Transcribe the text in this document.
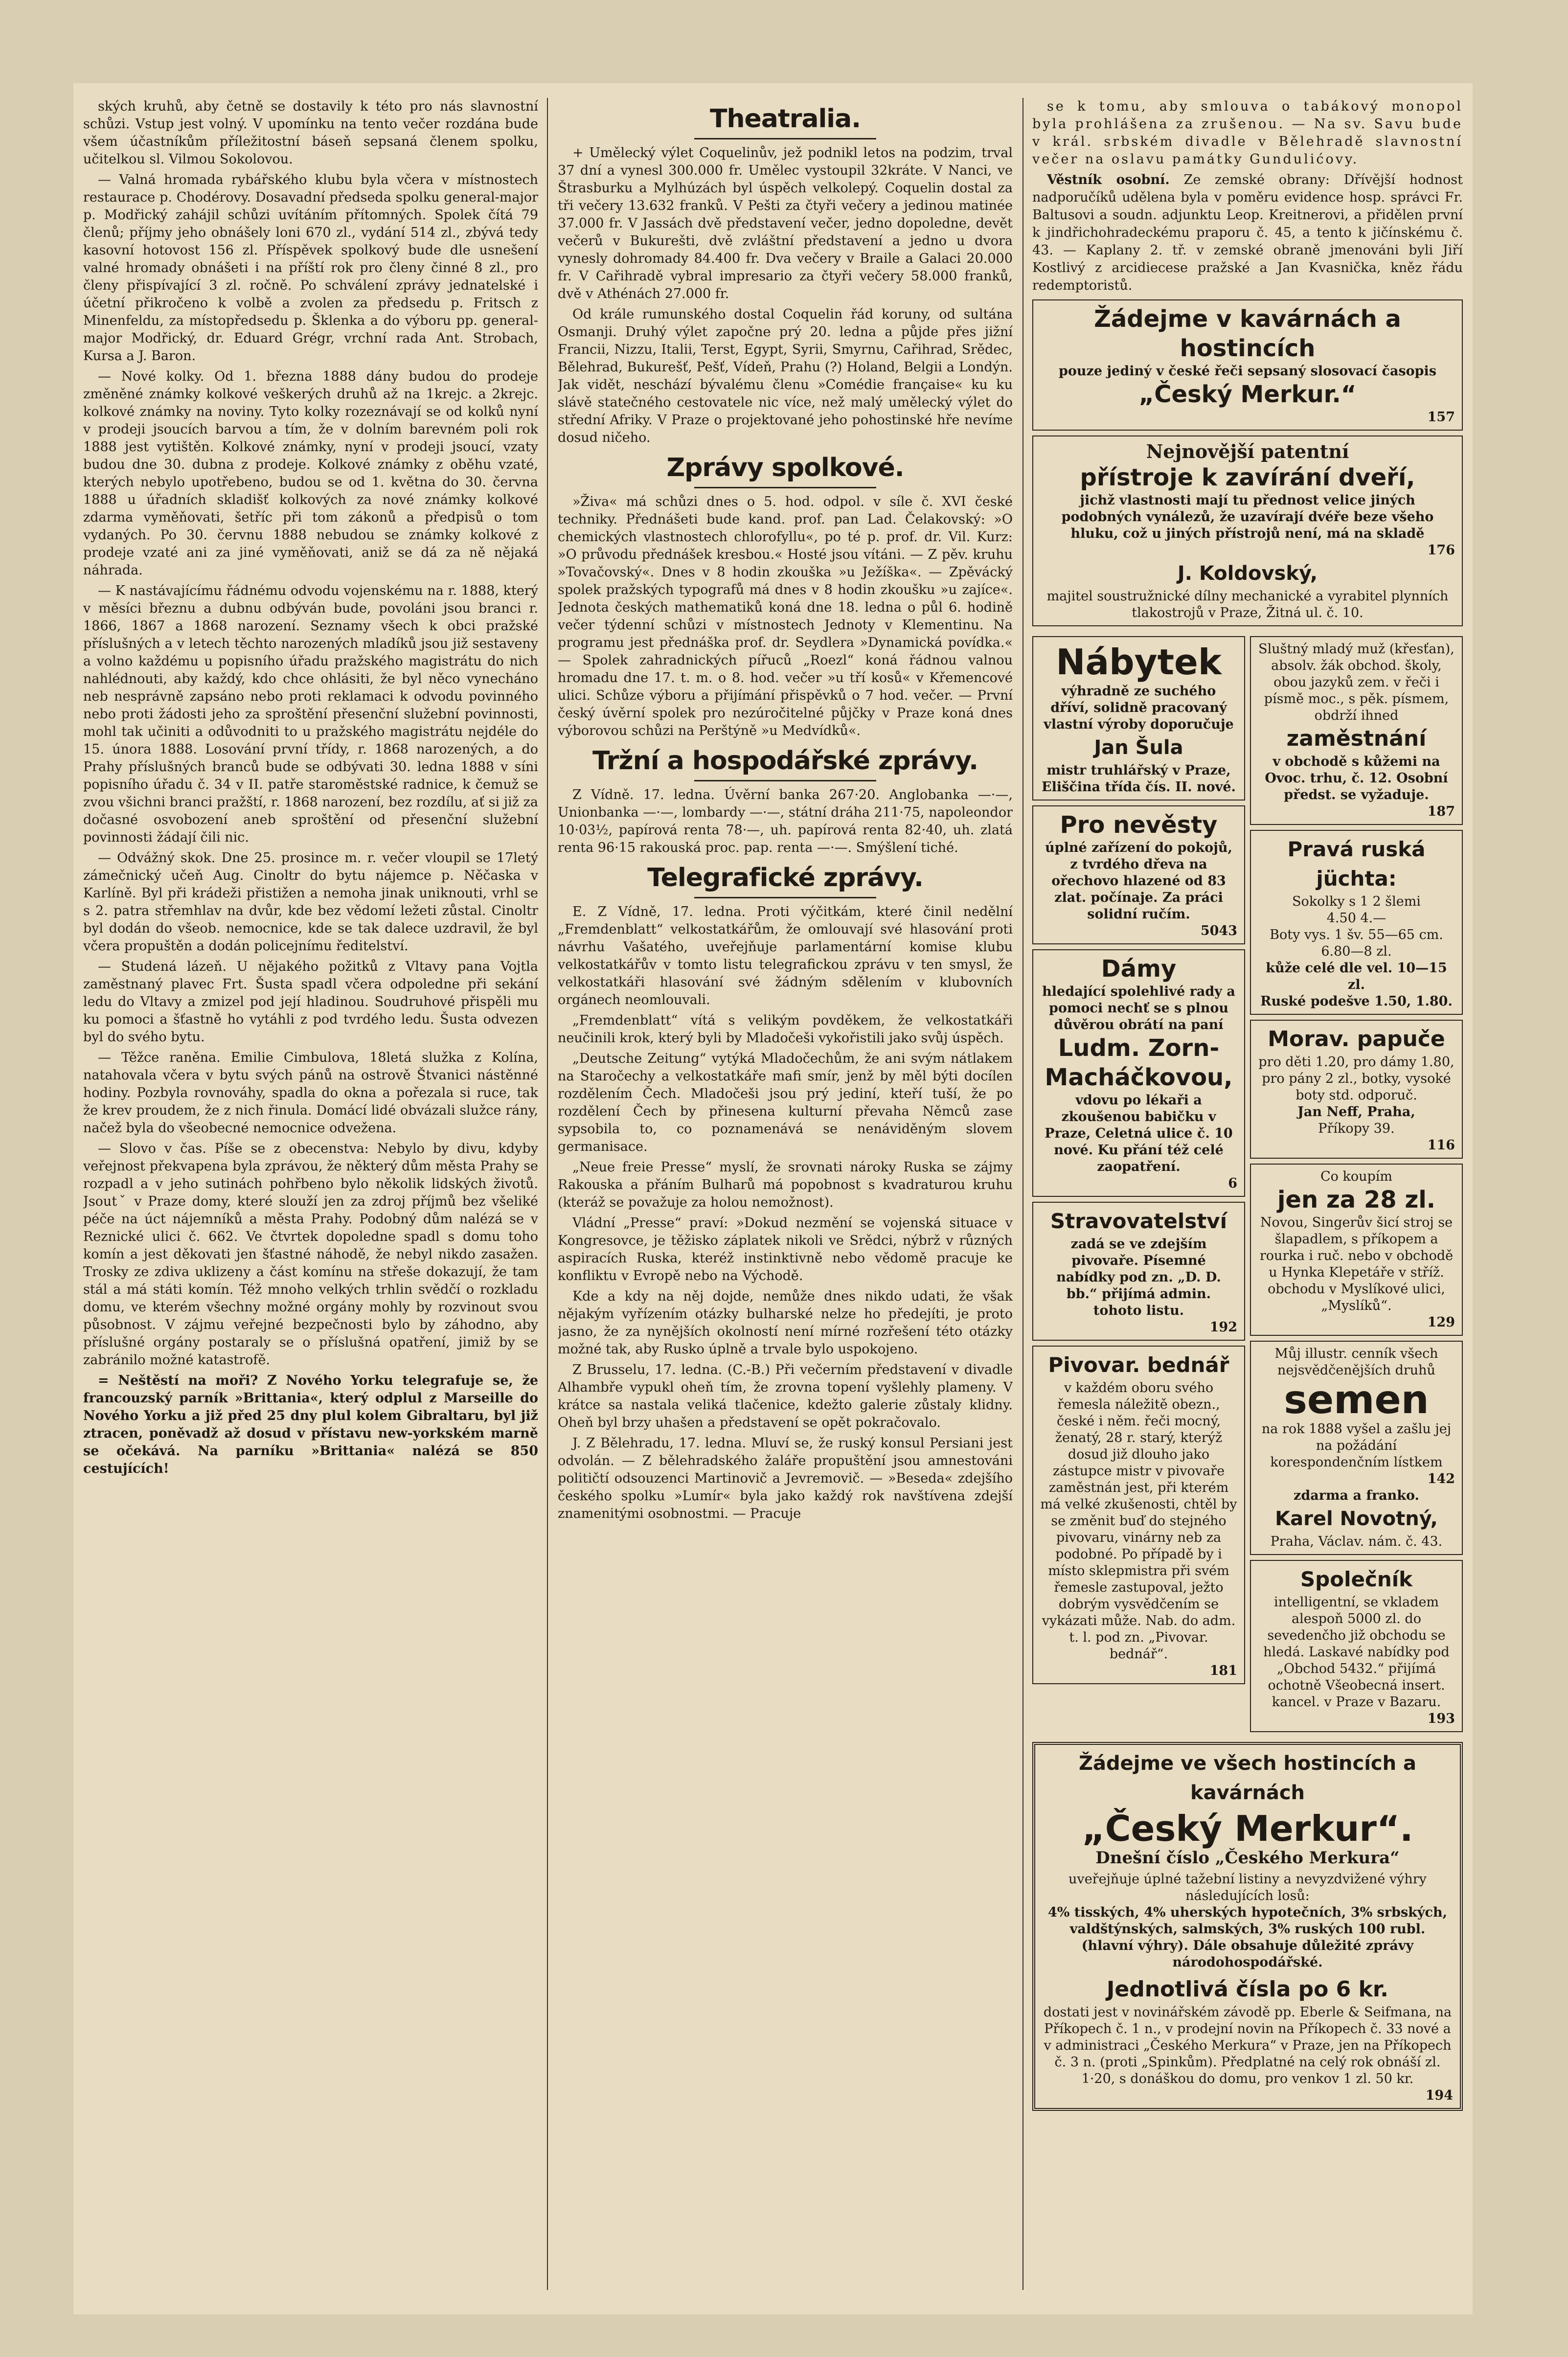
ských kruhů, aby četně se dostavily k této pro nás slavnostní schůzi. Vstup jest volný. V upomínku na tento večer rozdána bude všem účastníkům příležitostní báseň sepsaná členem spolku, učitelkou sl. Vilmou Sokolovou.

— Valná hromada rybářského klubu byla včera v místnostech restaurace p. Chodérovy. Dosavadní předseda spolku general-major p. Modřický zahájil schůzi uvítáním přítomných. Spolek čítá 79 členů; příjmy jeho obnášely loni 670 zl., vydání 514 zl., zbývá tedy kasovní hotovost 156 zl. Příspěvek spolkový bude dle usnešení valné hromady obnášeti i na příští rok pro členy činné 8 zl., pro členy přispívající 3 zl. ročně. Po schválení zprávy jednatelské i účetní přikročeno k volbě a zvolen za předsedu p. Fritsch z Minenfeldu, za místopředsedu p. Šklenka a do výboru pp. general-major Modřický, dr. Eduard Grégr, vrchní rada Ant. Strobach, Kursa a J. Baron.

— Nové kolky. Od 1. března 1888 dány budou do prodeje změněné známky kolkové veškerých druhů až na 1krejc. a 2krejc. kolkové známky na noviny. Tyto kolky rozeznávají se od kolků nyní v prodeji jsoucích barvou a tím, že v dolním barevném poli rok 1888 jest vytištěn. Kolkové známky, nyní v prodeji jsoucí, vzaty budou dne 30. dubna z prodeje. Kolkové známky z oběhu vzaté, kterých nebylo upotřebeno, budou se od 1. května do 30. června 1888 u úřadních skladišť kolkových za nové známky kolkové zdarma vyměňovati, šetříc při tom zákonů a předpisů o tom vydaných. Po 30. červnu 1888 nebudou se známky kolkové z prodeje vzaté ani za jiné vyměňovati, aniž se dá za ně nějaká náhrada.

— K nastávajícímu řádnému odvodu vojenskému na r. 1888, který v měsíci březnu a dubnu odbýván bude, povoláni jsou branci r. 1866, 1867 a 1868 narození. Seznamy všech k obci pražské příslušných a v letech těchto narozených mladíků jsou již sestaveny a volno každému u popisního úřadu pražského magistrátu do nich nahlédnouti, aby každý, kdo chce ohlásiti, že byl něco vynecháno neb nesprávně zapsáno nebo proti reklamaci k odvodu povinného nebo proti žádosti jeho za sproštění přesenční služební povinnosti, mohl tak učiniti a odůvodniti to u pražského magistrátu nejdéle do 15. února 1888. Losování první třídy, r. 1868 narozených, a do Prahy příslušných branců bude se odbývati 30. ledna 1888 v síni popisního úřadu č. 34 v II. patře staroměstské radnice, k čemuž se zvou všichni branci pražští, r. 1868 narození, bez rozdílu, ať si již za dočasné osvobození aneb sproštění od přesenční služební povinnosti žádají čili nic.

— Odvážný skok. Dne 25. prosince m. r. večer vloupil se 17letý zámečnický učeň Aug. Cinoltr do bytu nájemce p. Něčaska v Karlíně. Byl při krádeži přistižen a nemoha jinak uniknouti, vrhl se s 2. patra střemhlav na dvůr, kde bez vědomí ležeti zůstal. Cinoltr byl dodán do všeob. nemocnice, kde se tak dalece uzdravil, že byl včera propuštěn a dodán policejnímu ředitelství.

— Studená lázeň. U nějakého požitků z Vltavy pana Vojtla zaměstnaný plavec Frt. Šusta spadl včera odpoledne při sekání ledu do Vltavy a zmizel pod její hladinou. Soudruhové přispěli mu ku pomoci a šťastně ho vytáhli z pod tvrdého ledu. Šusta odvezen byl do svého bytu.

— Těžce raněna. Emilie Cimbulova, 18letá služka z Kolína, natahovala včera v bytu svých pánů na ostrově Štvanici nástěnné hodiny. Pozbyla rovnováhy, spadla do okna a pořezala si ruce, tak že krev proudem, že z nich řinula. Domácí lidé obvázali služce rány, načež byla do všeobecné nemocnice odvežena.

— Slovo v čas. Píše se z obecenstva: Nebylo by divu, kdyby veřejnost překvapena byla zprávou, že některý dům města Prahy se rozpadl a v jeho sutinách pohřbeno bylo několik lidských životů. Jsoutˇ v Praze domy, které slouží jen za zdroj příjmů bez všeliké péče na úct nájemníků a města Prahy. Podobný dům nalézá se v Reznické ulici č. 662. Ve čtvrtek dopoledne spadl s domu toho komín a jest děkovati jen šťastné náhodě, že nebyl nikdo zasažen. Trosky ze zdiva uklizeny a část komínu na střeše dokazují, že tam stál a má státi komín. Též mnoho velkých trhlin svědčí o rozkladu domu, ve kterém všechny možné orgány mohly by rozvinout svou působnost. V zájmu veřejné bezpečnosti bylo by záhodno, aby příslušné orgány postaraly se o příslušná opatření, jimiž by se zabránilo možné katastrofě.

= Neštěstí na moři? Z Nového Yorku telegrafuje se, že francouzský parník »Brittania«, který odplul z Marseille do Nového Yorku a již před 25 dny plul kolem Gibraltaru, byl již ztracen, poněvadž až dosud v přístavu new-yorkském marně se očekává. Na parníku »Brittania« nalézá se 850 cestujících!

Theatralia.

+ Umělecký výlet Coquelinův, jež podnikl letos na podzim, trval 37 dní a vynesl 300.000 fr. Umělec vystoupil 32kráte. V Nanci, ve Štrasburku a Mylhúzách byl úspěch velkolepý. Coquelin dostal za tři večery 13.632 franků. V Pešti za čtyři večery a jedinou matinée 37.000 fr. V Jassách dvě představení večer, jedno dopoledne, devět večerů v Bukurešti, dvě zvláštní představení a jedno u dvora vynesly dohromady 84.400 fr. Dva večery v Braile a Galaci 20.000 fr. V Cařihradě vybral impresario za čtyři večery 58.000 franků, dvě v Athénách 27.000 fr.

Od krále rumunského dostal Coquelin řád koruny, od sultána Osmanji. Druhý výlet započne prý 20. ledna a půjde přes jižní Francii, Nizzu, Italii, Terst, Egypt, Syrii, Smyrnu, Cařihrad, Srědec, Bělehrad, Bukurešť, Pešť, Vídeň, Prahu (?) Holand, Belgii a Londýn. Jak vidět, neschází bývalému členu »Comédie française« ku ku slávě statečného cestovatele nic více, než malý umělecký výlet do střední Afriky. V Praze o projektované jeho pohostinské hře nevíme dosud ničeho.

Zprávy spolkové.

»Živa« má schůzi dnes o 5. hod. odpol. v síle č. XVI české techniky. Přednášeti bude kand. prof. pan Lad. Čelakovský: »O chemických vlastnostech chlorofyllu«, po té p. prof. dr. Vil. Kurz: »O průvodu přednášek kresbou.« Hosté jsou vítáni. — Z pěv. kruhu »Tovačovský«. Dnes v 8 hodin zkouška »u Ježíška«. — Zpěvácký spolek pražských typografů má dnes v 8 hodin zkoušku »u zajíce«. Jednota českých mathematiků koná dne 18. ledna o půl 6. hodině večer týdenní schůzi v místnostech Jednoty v Klementinu. Na programu jest přednáška prof. dr. Seydlera »Dynamická povídka.« — Spolek zahradnických pířuců „Roezl“ koná řádnou valnou hromadu dne 17. t. m. o 8. hod. večer »u tří kosů« v Křemencové ulici. Schůze výboru a přijímání přispěvků o 7 hod. večer. — První český úvěrní spolek pro nezúročitelné půjčky v Praze koná dnes výborovou schůzi na Perštýně »u Medvídků«.

Tržní a hospodářské zprávy.

Z Vídně. 17. ledna. Úvěrní banka 267·20. Anglobanka —·—, Unionbanka —·—, lombardy —·—, státní dráha 211·75, napoleondor 10·03½, papírová renta 78·—, uh. papírová renta 82·40, uh. zlatá renta 96·15 rakouská proc. pap. renta —·—. Smýšlení tiché.

Telegrafické zprávy.

E. Z Vídně, 17. ledna. Proti výčitkám, které činil nedělní „Fremdenblatt“ velkostatkářům, že omlouvají své hlasování proti návrhu Vašatého, uveřejňuje parlamentární komise klubu velkostatkářův v tomto listu telegrafickou zprávu v ten smysl, že velkostatkáři hlasování své žádným sdělením v klubovních orgánech neomlouvali.

„Fremdenblatt“ vítá s velikým povděkem, že velkostatkáři neučinili krok, který byli by Mladočeši vykořistili jako svůj úspěch.

„Deutsche Zeitung“ vytýká Mladočechům, že ani svým nátlakem na Staročechy a velkostatkáře mafi smír, jenž by měl býti docílen rozdělením Čech. Mladočeši jsou prý jediní, kteří tuší, že po rozdělení Čech by přinesena kulturní převaha Němců zase sypsobila to, co poznamenává se nenáviděným slovem germanisace.

„Neue freie Presse“ myslí, že srovnati nároky Ruska se zájmy Rakouska a přáním Bulharů má popobnost s kvadraturou kruhu (kteráž se považuje za holou nemožnost).

Vládní „Presse“ praví: »Dokud nezmění se vojenská situace v Kongresovce, je těžisko záplatek nikoli ve Srědci, nýbrž v různých aspiracích Ruska, kteréž instinktivně nebo vědomě pracuje ke konfliktu v Evropě nebo na Východě.

Kde a kdy na něj dojde, nemůže dnes nikdo udati, že však nějakým vyřízením otázky bulharské nelze ho předejíti, je proto jasno, že za nynějších okolností není mírné rozřešení této otázky možné tak, aby Rusko úplně a trvale bylo uspokojeno.

Z Brusselu, 17. ledna. (C.-B.) Při večerním představení v divadle Alhambře vypukl oheň tím, že zrovna topení vyšlehly plameny. V krátce sa nastala veliká tlačenice, kdežto galerie zůstaly klidny. Oheň byl brzy uhašen a představení se opět pokračovalo.

J. Z Bělehradu, 17. ledna. Mluví se, že ruský konsul Persiani jest odvolán. — Z bělehradského žaláře propuštění jsou amnestováni političtí odsouzenci Martinovič a Jevremovič. — »Beseda« zdejšího českého spolku »Lumír« byla jako každý rok navštívena zdejší znamenitými osobnostmi. — Pracuje

se k tomu, aby smlouva o tabákový monopol byla prohlášena za zrušenou. — Na sv. Savu bude v král. srbském divadle v Bělehradě slavnostní večer na oslavu památky Gundulićovy.

Věstník osobní. Ze zemské obrany: Dřívější hodnost nadporučíků udělena byla v poměru evidence hosp. správci Fr. Baltusovi a soudn. adjunktu Leop. Kreitnerovi, a přidělen první k jindřichohradeckému praporu č. 45, a tento k jičínskému č. 43. — Kaplany 2. tř. v zemské obraně jmenováni byli Jiří Kostlivý z arcidiecese pražské a Jan Kvasnička, kněz řádu redemptoristů.

Žádejme v kavárnách a hostincích
pouze jediný v české řeči sepsaný slosovací časopis
„Český Merkur.“
157
Nejnovější patentní
přístroje k zavírání dveří,
jichž vlastnosti mají tu přednost velice jiných podobných vynálezů, že uzavírají dvéře beze všeho hluku, což u jiných přístrojů není, má na skladě
176
J. Koldovský,
majitel soustružnické dílny mechanické a vyrabitel plynních tlakostrojů v Praze, Žitná ul. č. 10.
Nábytek
výhradně ze suchého dříví, solidně pracovaný vlastní výroby doporučuje
Jan Šula
mistr truhlářský v Praze, Eliščina třída čís. II. nové.
Pro nevěsty
úplné zařízení do pokojů, z tvrdého dřeva na ořechovo hlazené od 83 zlat. počínaje. Za práci solidní ručím.
5043
Dámy
hledající spolehlivé rady a pomoci nechť se s plnou důvěrou obrátí na paní
Ludm. Zorn-Macháčkovou,
vdovu po lékaři a zkoušenou babičku v Praze, Celetná ulice č. 10 nové. Ku přání též celé zaopatření.
6
Stravovatelství
zadá se ve zdejším pivovaře. Písemné nabídky pod zn. „D. D. bb.“ přijímá admin. tohoto listu.
192
Pivovar. bednář
v každém oboru svého řemesla náležitě obezn., české i něm. řeči mocný, ženatý, 28 r. starý, kterýž dosud již dlouho jako zástupce mistr v pivovaře zaměstnán jest, při kterém má velké zkušenosti, chtěl by se změnit buď do stejného pivovaru, vinárny neb za podobné. Po případě by i místo sklepmistra při svém řemesle zastupoval, ježto dobrým vysvědčením se vykázati může. Nab. do adm. t. l. pod zn. „Pivovar. bednář“.
181
Sluštný mladý muž (křesťan), absolv. žák obchod. školy, obou jazyků zem. v řeči i písmě moc., s pěk. písmem, obdrží ihned
zaměstnání
v obchodě s kůžemi na Ovoc. trhu, č. 12. Osobní předst. se vyžaduje.
187
Pravá ruská jüchta:
Sokolky s 1 2 šlemi
4.50 4.—
Boty vys. 1 šv. 55—65 cm.
6.80—8 zl.
kůže celé dle vel. 10—15 zl.
Ruské podešve 1.50, 1.80.
Morav. papuče
pro děti 1.20, pro dámy 1.80, pro pány 2 zl., botky, vysoké boty std. odporuč.
Jan Neff, Praha,
Příkopy 39.
116
Co koupím
jen za 28 zl.
Novou, Singerův šicí stroj se šlapadlem, s příkopem a rourka i ruč. nebo v obchodě u Hynka Klepetáře v stříž. obchodu v Myslíkové ulici, „Myslíků“.
129
Můj illustr. cenník všech nejsvědčenějších druhů
semen
na rok 1888 vyšel a zašlu jej na požádání korespondenčním lístkem
142
zdarma a franko.
Karel Novotný,
Praha, Václav. nám. č. 43.
Společník
intelligentní, se vkladem alespoň 5000 zl. do sevedenčho již obchodu se hledá. Laskavé nabídky pod „Obchod 5432.“ přijímá ochotně Všeobecná insert. kancel. v Praze v Bazaru.
193
Žádejme ve všech hostincích a kavárnách
„Český Merkur“.
Dnešní číslo „Českého Merkura“
uveřejňuje úplné tažební listiny a nevyzdvižené výhry následujících losů:
4% tisských, 4% uherských hypotečních, 3% srbských, valdštýnských, salmských, 3% ruských 100 rubl. (hlavní výhry). Dále obsahuje důležité zprávy národohospodářské.
Jednotlivá čísla po 6 kr.
dostati jest v novinářském závodě pp. Eberle & Seifmana, na Příkopech č. 1 n., v prodejní novin na Příkopech č. 33 nové a v administraci „Českého Merkura“ v Praze, jen na Příkopech č. 3 n. (proti „Spinkům). Předplatné na celý rok obnáší zl. 1·20, s donáškou do domu, pro venkov 1 zl. 50 kr.
194
